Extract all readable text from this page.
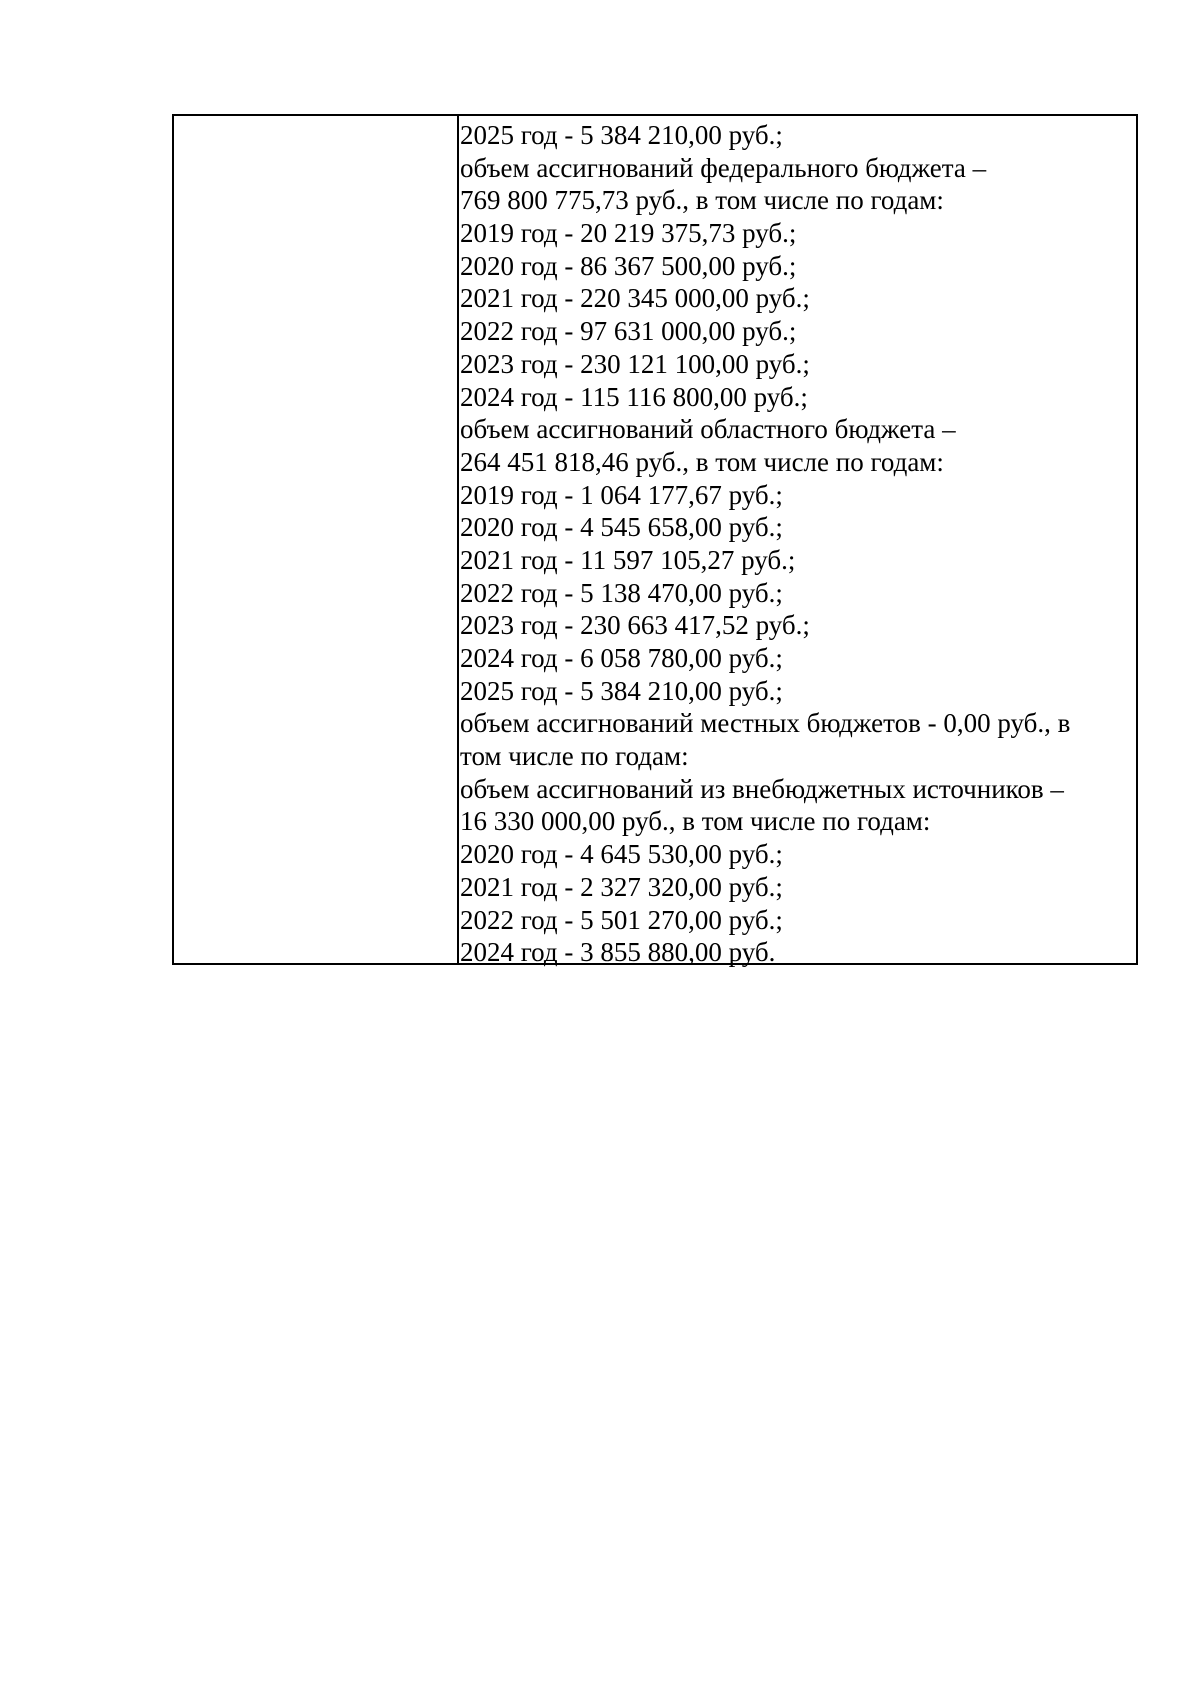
2025 год - 5 384 210,00 руб.;
объем ассигнований федерального бюджета –
769 800 775,73 руб., в том числе по годам:
2019 год - 20 219 375,73 руб.;
2020 год - 86 367 500,00 руб.;
2021 год - 220 345 000,00 руб.;
2022 год - 97 631 000,00 руб.;
2023 год - 230 121 100,00 руб.;
2024 год - 115 116 800,00 руб.;
объем ассигнований областного бюджета –
264 451 818,46 руб., в том числе по годам:
2019 год - 1 064 177,67 руб.;
2020 год - 4 545 658,00 руб.;
2021 год - 11 597 105,27 руб.;
2022 год - 5 138 470,00 руб.;
2023 год - 230 663 417,52 руб.;
2024 год - 6 058 780,00 руб.;
2025 год - 5 384 210,00 руб.;
объем ассигнований местных бюджетов - 0,00 руб., в
том числе по годам:
объем ассигнований из внебюджетных источников –
16 330 000,00 руб., в том числе по годам:
2020 год - 4 645 530,00 руб.;
2021 год - 2 327 320,00 руб.;
2022 год - 5 501 270,00 руб.;
2024 год - 3 855 880,00 руб.
